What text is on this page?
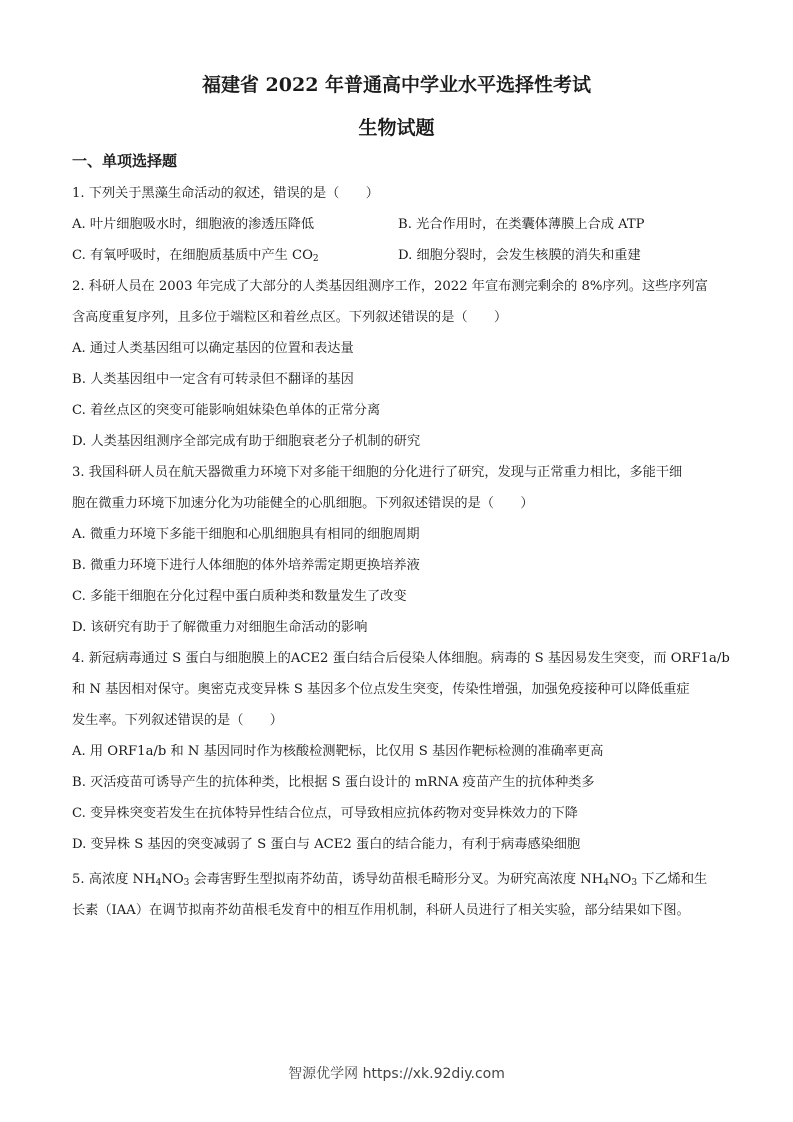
福建省 2022 年普通高中学业水平选择性考试
生物试题
一、单项选择题
1. 下列关于黑藻生命活动的叙述，错误的是（　　）
A. 叶片细胞吸水时，细胞液的渗透压降低	B. 光合作用时，在类囊体薄膜上合成 ATP
C. 有氧呼吸时，在细胞质基质中产生 $CO_2$	D. 细胞分裂时，会发生核膜的消失和重建
2. 科研人员在 2003 年完成了大部分的人类基因组测序工作，2022 年宣布测完剩余的 8%序列。这些序列富
含高度重复序列，且多位于端粒区和着丝点区。下列叙述错误的是（　　）
A. 通过人类基因组可以确定基因的位置和表达量
B. 人类基因组中一定含有可转录但不翻译的基因
C. 着丝点区的突变可能影响姐妹染色单体的正常分离
D. 人类基因组测序全部完成有助于细胞衰老分子机制的研究
3. 我国科研人员在航天器微重力环境下对多能干细胞的分化进行了研究，发现与正常重力相比，多能干细
胞在微重力环境下加速分化为功能健全的心肌细胞。下列叙述错误的是（　　）
A. 微重力环境下多能干细胞和心肌细胞具有相同的细胞周期
B. 微重力环境下进行人体细胞的体外培养需定期更换培养液
C. 多能干细胞在分化过程中蛋白质种类和数量发生了改变
D. 该研究有助于了解微重力对细胞生命活动的影响
4. 新冠病毒通过 S 蛋白与细胞膜上的ACE2 蛋白结合后侵染人体细胞。病毒的 S 基因易发生突变，而 ORF1a/b
和 N 基因相对保守。奥密克戎变异株 S 基因多个位点发生突变，传染性增强，加强免疫接种可以降低重症
发生率。下列叙述错误的是（　　）
A. 用 ORF1a/b 和 N 基因同时作为核酸检测靶标，比仅用 S 基因作靶标检测的准确率更高
B. 灭活疫苗可诱导产生的抗体种类，比根据 S 蛋白设计的 mRNA 疫苗产生的抗体种类多
C. 变异株突变若发生在抗体特异性结合位点，可导致相应抗体药物对变异株效力的下降
D. 变异株 S 基因的突变减弱了 S 蛋白与 ACE2 蛋白的结合能力，有利于病毒感染细胞
5. 高浓度 $NH_4NO_3$ 会毒害野生型拟南芥幼苗，诱导幼苗根毛畸形分叉。为研究高浓度 $NH_4NO_3$ 下乙烯和生
长素（IAA）在调节拟南芥幼苗根毛发育中的相互作用机制，科研人员进行了相关实验，部分结果如下图。
智源优学网 https://xk.92diy.com
